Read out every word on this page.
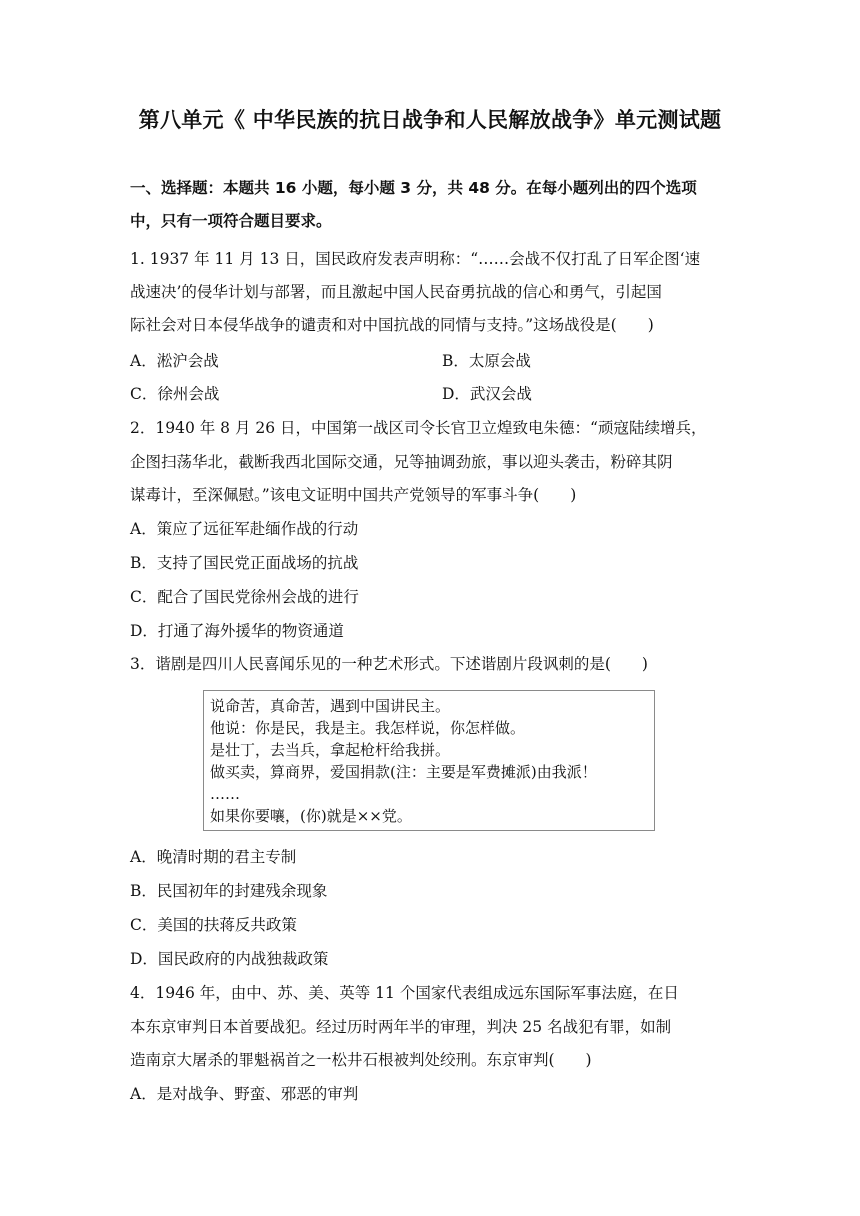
第八单元《 中华民族的抗日战争和人民解放战争》单元测试题
一、选择题：本题共 16 小题，每小题 3 分，共 48 分。在每小题列出的四个选项
中，只有一项符合题目要求。
1. 1937 年 11 月 13 日，国民政府发表声明称：“……会战不仅打乱了日军企图‘速
战速决’的侵华计划与部署，而且激起中国人民奋勇抗战的信心和勇气，引起国
际社会对日本侵华战争的谴责和对中国抗战的同情与支持。”这场战役是(　　)
A．淞沪会战	B．太原会战
C．徐州会战	D．武汉会战
2．1940 年 8 月 26 日，中国第一战区司令长官卫立煌致电朱德：“顽寇陆续增兵，
企图扫荡华北，截断我西北国际交通，兄等抽调劲旅，事以迎头袭击，粉碎其阴
谋毒计，至深佩慰。”该电文证明中国共产党领导的军事斗争(　　)
A．策应了远征军赴缅作战的行动
B．支持了国民党正面战场的抗战
C．配合了国民党徐州会战的进行
D．打通了海外援华的物资通道
3．谐剧是四川人民喜闻乐见的一种艺术形式。下述谐剧片段讽刺的是(　　)
说命苦，真命苦，遇到中国讲民主。
他说：你是民，我是主。我怎样说，你怎样做。
是壮丁，去当兵，拿起枪杆给我拼。
做买卖，算商界，爱国捐款(注：主要是军费摊派)由我派！
……
如果你要嚷，(你)就是××党。
A．晚清时期的君主专制
B．民国初年的封建残余现象
C．美国的扶蒋反共政策
D．国民政府的内战独裁政策
4．1946 年，由中、苏、美、英等 11 个国家代表组成远东国际军事法庭，在日
本东京审判日本首要战犯。经过历时两年半的审理，判决 25 名战犯有罪，如制
造南京大屠杀的罪魁祸首之一松井石根被判处绞刑。东京审判(　　)
A．是对战争、野蛮、邪恶的审判
